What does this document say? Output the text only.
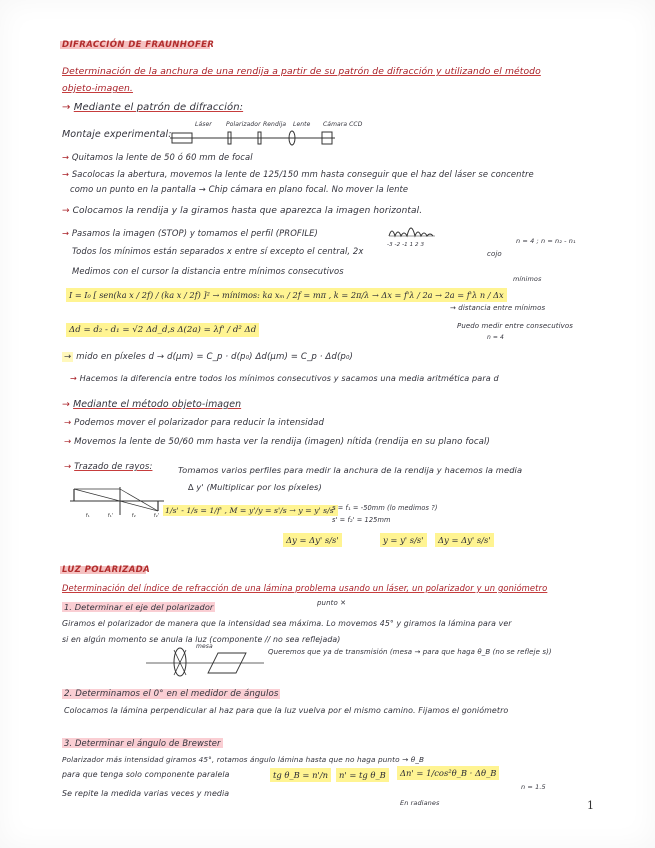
DIFRACCIÓN DE FRAUNHOFER
Determinación de la anchura de una rendija a partir de su patrón de difracción y utilizando el método
objeto-imagen.
→ Mediante el patrón de difracción:
Montaje experimental:
Láser Polarizador Rendija Lente Cámara CCD
→ Quitamos la lente de 50 ó 60 mm de focal
→ Sacolocas la abertura, movemos la lente de 125/150 mm hasta conseguir que el haz del láser se concentre
como un punto en la pantalla → Chip cámara en plano focal. No mover la lente
→ Colocamos la rendija y la giramos hasta que aparezca la imagen horizontal.
→ Pasamos la imagen (STOP) y tomamos el perfil (PROFILE)
-3 -2 -1 1 2 3
Todos los mínimos están separados x entre sí excepto el central, 2x
n = 4 ; n = n₂ - n₁
cojo
Medimos con el cursor la distancia entre mínimos consecutivos
I = I₀ [ sen(ka x / 2f) / (ka x / 2f) ]² → mínimos: ka xₘ / 2f = mπ , k = 2π/λ → Δx = f'λ / 2a → 2a = f'λ n / Δx
mínimos
→ distancia entre mínimos
Puedo medir entre consecutivos
n = 4
Δd = d₂ - d₁ = √2 Δd_d,s Δ(2a) = λf' / d² Δd
→ mido en píxeles d → d(μm) = C_p · d(p₀) Δd(μm) = C_p · Δd(p₀)
→ Hacemos la diferencia entre todos los mínimos consecutivos y sacamos una media aritmética para d
→ Mediante el método objeto-imagen
→ Podemos mover el polarizador para reducir la intensidad
→ Movemos la lente de 50/60 mm hasta ver la rendija (imagen) nítida (rendija en su plano focal)
→ Trazado de rayos:	Tomamos varios perfiles para medir la anchura de la rendija y hacemos la media
∆ y' (Multiplicar por los píxeles)
f₁	f₁'	f₂	f₂'
1/s' - 1/s = 1/f' , M = y'/y = s'/s → y = y' s/s'
s = f₁ = -50mm (lo medimos ?)
s' = f₂' = 125mm
Δy = Δy' s/s'	y = y' s/s'	Δy = Δy' s/s'
LUZ POLARIZADA
Determinación del índice de refracción de una lámina problema usando un láser, un polarizador y un goniómetro
1. Determinar el eje del polarizador	punto ✕
Giramos el polarizador de manera que la intensidad sea máxima. Lo movemos 45° y giramos la lámina para ver
si en algún momento se anula la luz (componente // no sea reflejada)
mesa
Queremos que ya de transmisión (mesa → para que haga θ_B (no se refleje s))
2. Determinamos el 0° en el medidor de ángulos
Colocamos la lámina perpendicular al haz para que la luz vuelva por el mismo camino. Fijamos el goniómetro
3. Determinar el ángulo de Brewster
Polarizador más intensidad giramos 45°, rotamos ángulo lámina hasta que no haga punto → θ_B
para que tenga solo componente paralela
Se repite la medida varias veces y media
tg θ_B = n'/n	n' = tg θ_B	Δn' = 1/cos²θ_B · Δθ_B
En radianes
n = 1.5
1
